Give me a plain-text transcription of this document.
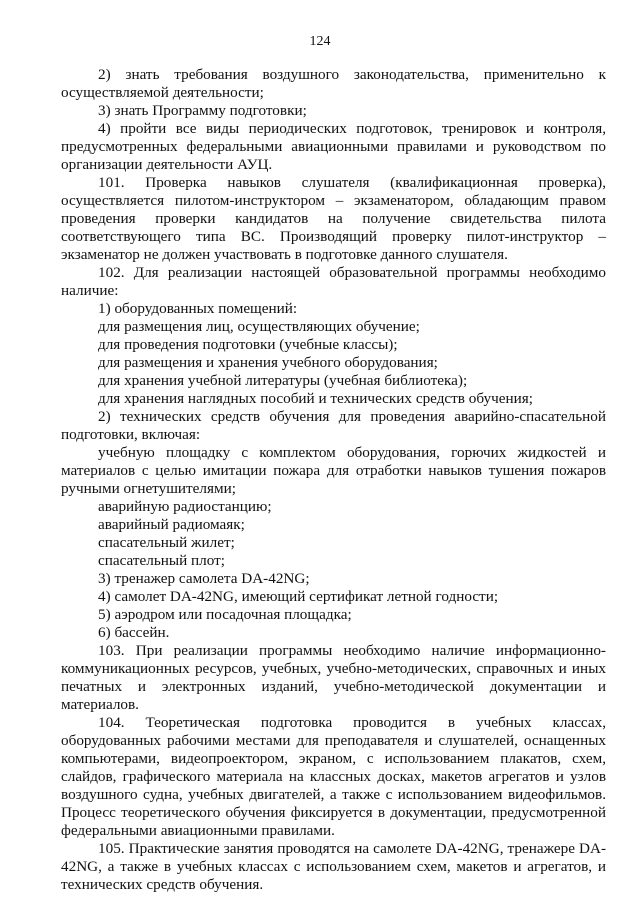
124

2) знать требования воздушного законодательства, применительно к осуществляемой деятельности;

3) знать Программу подготовки;

4) пройти все виды периодических подготовок, тренировок и контроля, предусмотренных федеральными авиационными правилами и руководством по организации деятельности АУЦ.

101. Проверка навыков слушателя (квалификационная проверка), осуществляется пилотом-инструктором – экзаменатором, обладающим правом проведения проверки кандидатов на получение свидетельства пилота соответствующего типа ВС. Производящий проверку пилот-инструктор – экзаменатор не должен участвовать в подготовке данного слушателя.

102. Для реализации настоящей образовательной программы необходимо наличие:

1) оборудованных помещений:

для размещения лиц, осуществляющих обучение;

для проведения подготовки (учебные классы);

для размещения и хранения учебного оборудования;

для хранения учебной литературы (учебная библиотека);

для хранения наглядных пособий и технических средств обучения;

2) технических средств обучения для проведения аварийно-спасательной подготовки, включая:

учебную площадку с комплектом оборудования, горючих жидкостей и материалов с целью имитации пожара для отработки навыков тушения пожаров ручными огнетушителями;

аварийную радиостанцию;

аварийный радиомаяк;

спасательный жилет;

спасательный плот;

3) тренажер самолета DA-42NG;

4) самолет DA-42NG, имеющий сертификат летной годности;

5) аэродром или посадочная площадка;

6) бассейн.

103. При реализации программы необходимо наличие информационно-коммуникационных ресурсов, учебных, учебно-методических, справочных и иных печатных и электронных изданий, учебно-методической документации и материалов.

104. Теоретическая подготовка проводится в учебных классах, оборудованных рабочими местами для преподавателя и слушателей, оснащенных компьютерами, видеопроектором, экраном, с использованием плакатов, схем, слайдов, графического материала на классных досках, макетов агрегатов и узлов воздушного судна, учебных двигателей, а также с использованием видеофильмов. Процесс теоретического обучения фиксируется в документации, предусмотренной федеральными авиационными правилами.

105. Практические занятия проводятся на самолете DA-42NG, тренажере DA-42NG, а также в учебных классах с использованием схем, макетов и агрегатов, и технических средств обучения.
